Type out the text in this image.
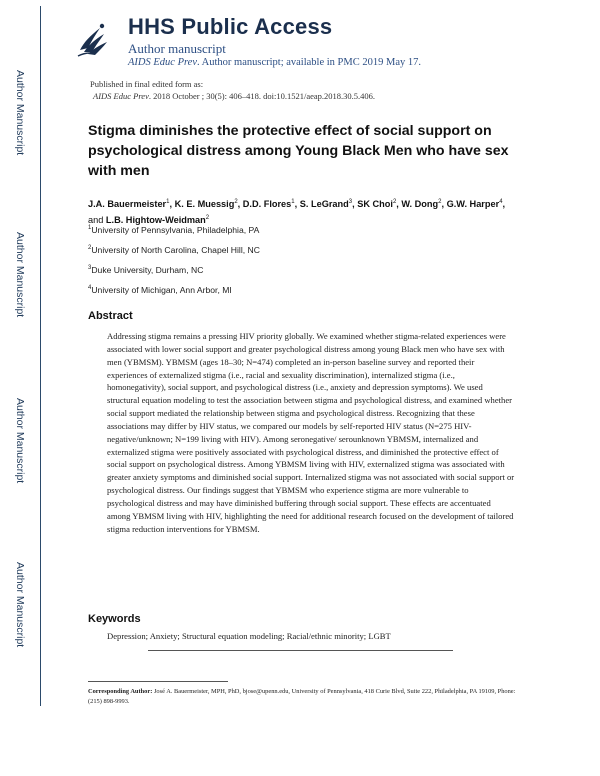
Author Manuscript
Author Manuscript
Author Manuscript
Author Manuscript
HHS Public Access
Author manuscript
AIDS Educ Prev. Author manuscript; available in PMC 2019 May 17.
Published in final edited form as:
AIDS Educ Prev. 2018 October ; 30(5): 406–418. doi:10.1521/aeap.2018.30.5.406.
Stigma diminishes the protective effect of social support on psychological distress among Young Black Men who have sex with men
J.A. Bauermeister$^1$, K. E. Muessig$^2$, D.D. Flores$^1$, S. LeGrand$^3$, SK Choi$^2$, W. Dong$^2$, G.W. Harper$^4$, and L.B. Hightow-Weidman$^2$
$^1$University of Pennsylvania, Philadelphia, PA
$^2$University of North Carolina, Chapel Hill, NC
$^3$Duke University, Durham, NC
$^4$University of Michigan, Ann Arbor, MI
Abstract

Addressing stigma remains a pressing HIV priority globally. We examined whether stigma-related experiences were associated with lower social support and greater psychological distress among young Black men who have sex with men (YBMSM). YBMSM (ages 18–30; N=474) completed an in-person baseline survey and reported their experiences of externalized stigma (i.e., racial and sexuality discrimination), internalized stigma (i.e., homonegativity), social support, and psychological distress (i.e., anxiety and depression symptoms). We used structural equation modeling to test the association between stigma and psychological distress, and examined whether social support mediated the relationship between stigma and psychological distress. Recognizing that these associations may differ by HIV status, we compared our models by self-reported HIV status (N=275 HIV-negative/unknown; N=199 living with HIV). Among seronegative/ serounknown YBMSM, internalized and externalized stigma were positively associated with psychological distress, and diminished the protective effect of social support on psychological distress. Among YBMSM living with HIV, externalized stigma was associated with greater anxiety symptoms and diminished social support. Internalized stigma was not associated with social support or psychological distress. Our findings suggest that YBMSM who experience stigma are more vulnerable to psychological distress and may have diminished buffering through social support. These effects are accentuated among YBMSM living with HIV, highlighting the need for additional research focused on the development of tailored stigma reduction interventions for YBMSM.

Keywords
Depression; Anxiety; Structural equation modeling; Racial/ethnic minority; LGBT
Corresponding Author: José A. Bauermeister, MPH, PhD, bjose@upenn.edu, University of Pennsylvania, 418 Curie Blvd, Suite 222, Philadelphia, PA 19109, Phone: (215) 898-9993.
